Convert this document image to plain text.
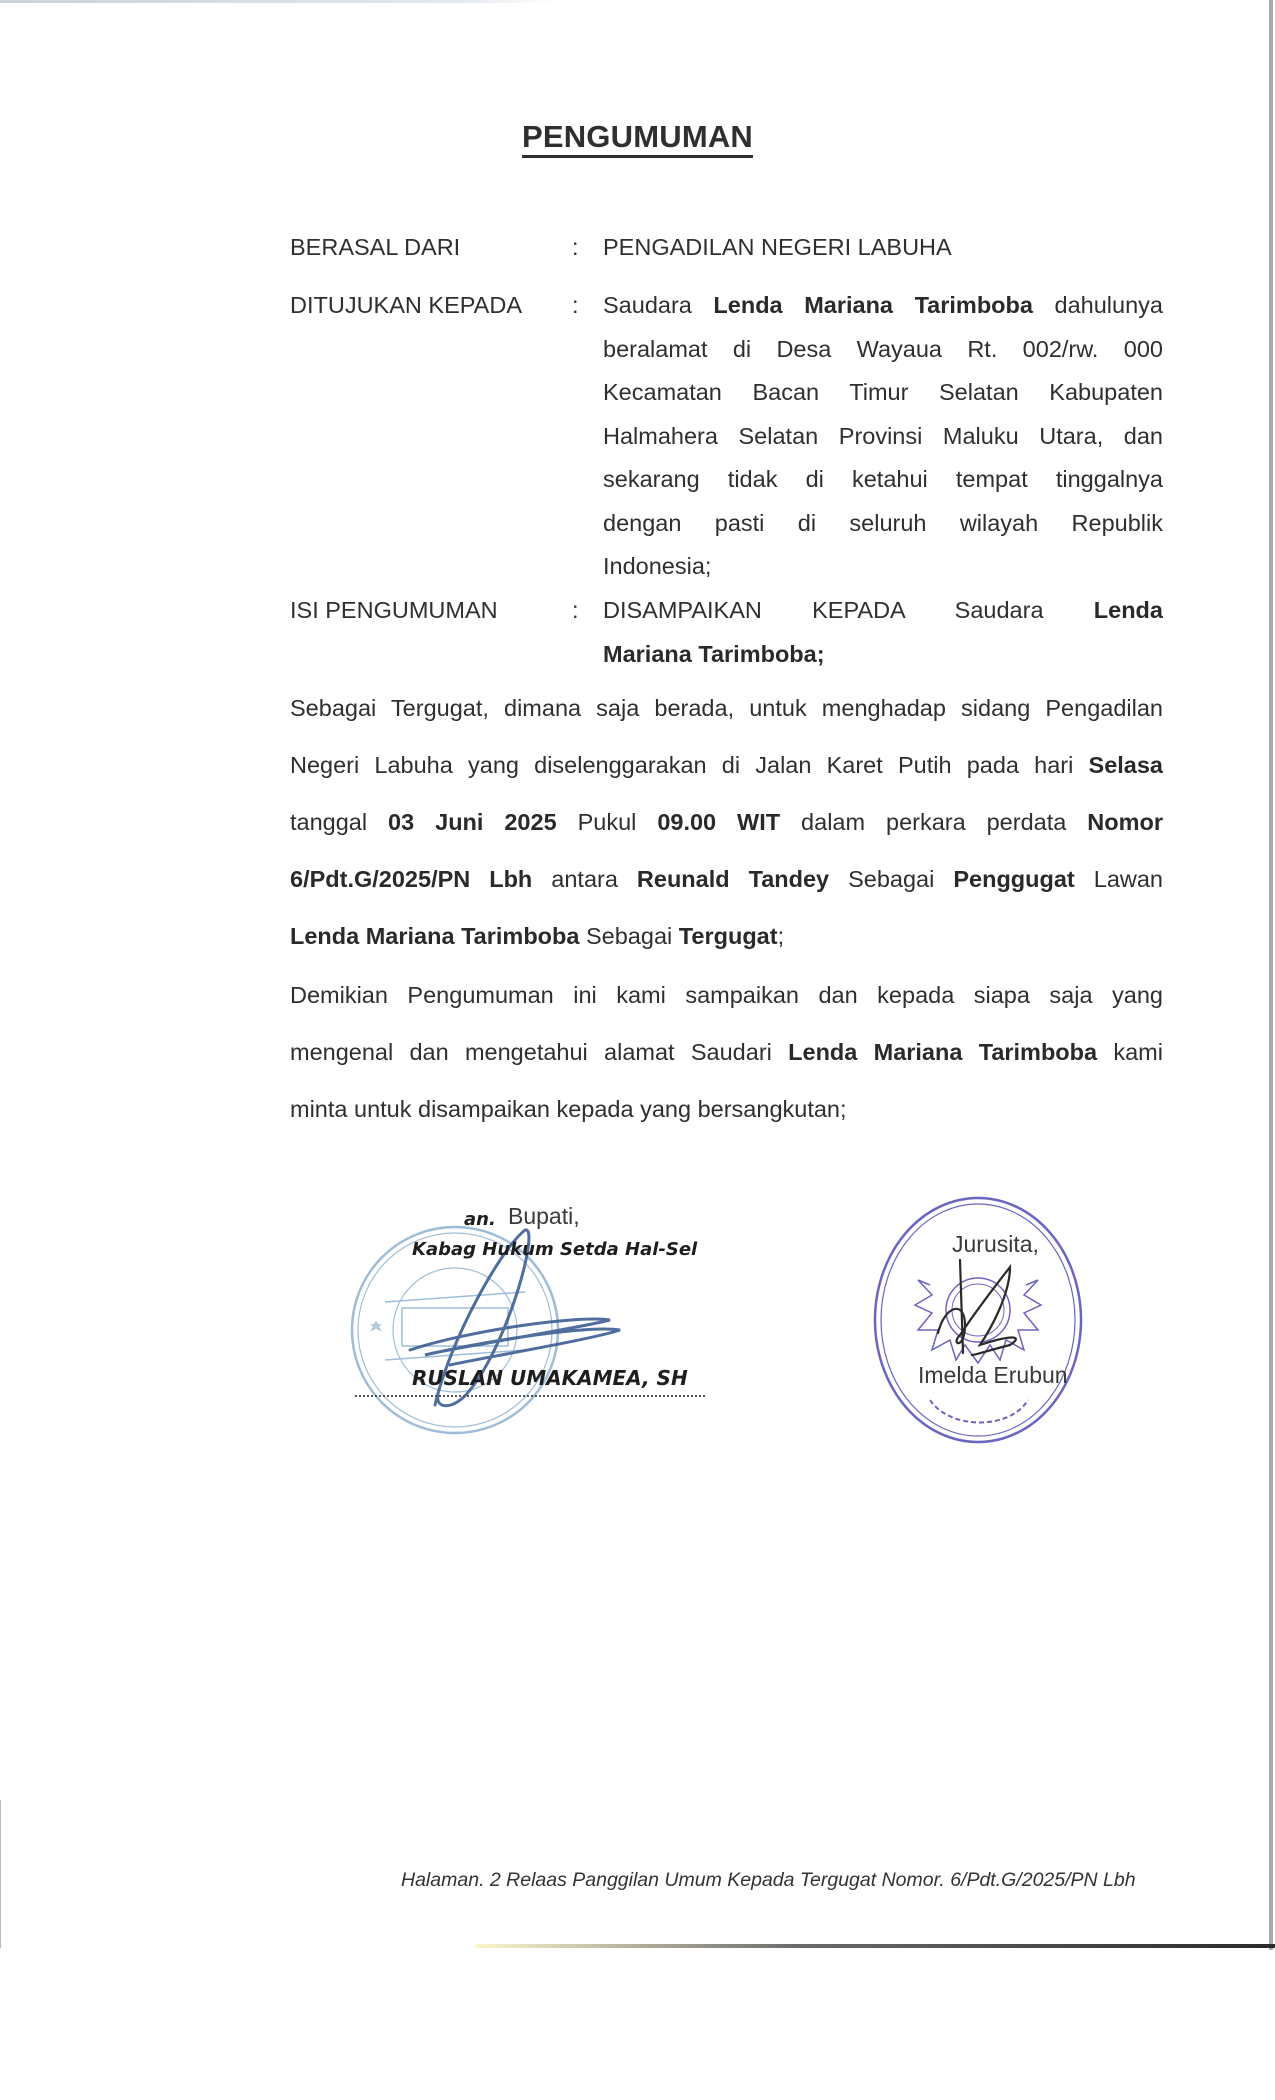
PENGUMUMAN
BERASAL DARI	: PENGADILAN NEGERI LABUHA
DITUJUKAN KEPADA : Saudara Lenda Mariana Tarimboba dahulunya
beralamat di Desa Wayaua Rt. 002/rw. 000
Kecamatan Bacan Timur Selatan Kabupaten
Halmahera Selatan Provinsi Maluku Utara, dan
sekarang tidak di ketahui tempat tinggalnya
dengan pasti di seluruh wilayah Republik
Indonesia;
ISI PENGUMUMAN	: DISAMPAIKAN KEPADA Saudara Lenda
Mariana Tarimboba;
Sebagai Tergugat, dimana saja berada, untuk menghadap sidang Pengadilan
Negeri Labuha yang diselenggarakan di Jalan Karet Putih pada hari Selasa
tanggal 03 Juni 2025 Pukul 09.00 WIT dalam perkara perdata Nomor
6/Pdt.G/2025/PN Lbh antara Reunald Tandey Sebagai Penggugat Lawan
Lenda Mariana Tarimboba Sebagai Tergugat;
Demikian Pengumuman ini kami sampaikan dan kepada siapa saja yang
mengenal dan mengetahui alamat Saudari Lenda Mariana Tarimboba kami
minta untuk disampaikan kepada yang bersangkutan;
an. Bupati,
Kabag Hukum Setda Hal-Sel
RUSLAN UMAKAMEA, SH
Jurusita,
Imelda Erubun
Halaman. 2 Relaas Panggilan Umum Kepada Tergugat Nomor. 6/Pdt.G/2025/PN Lbh
